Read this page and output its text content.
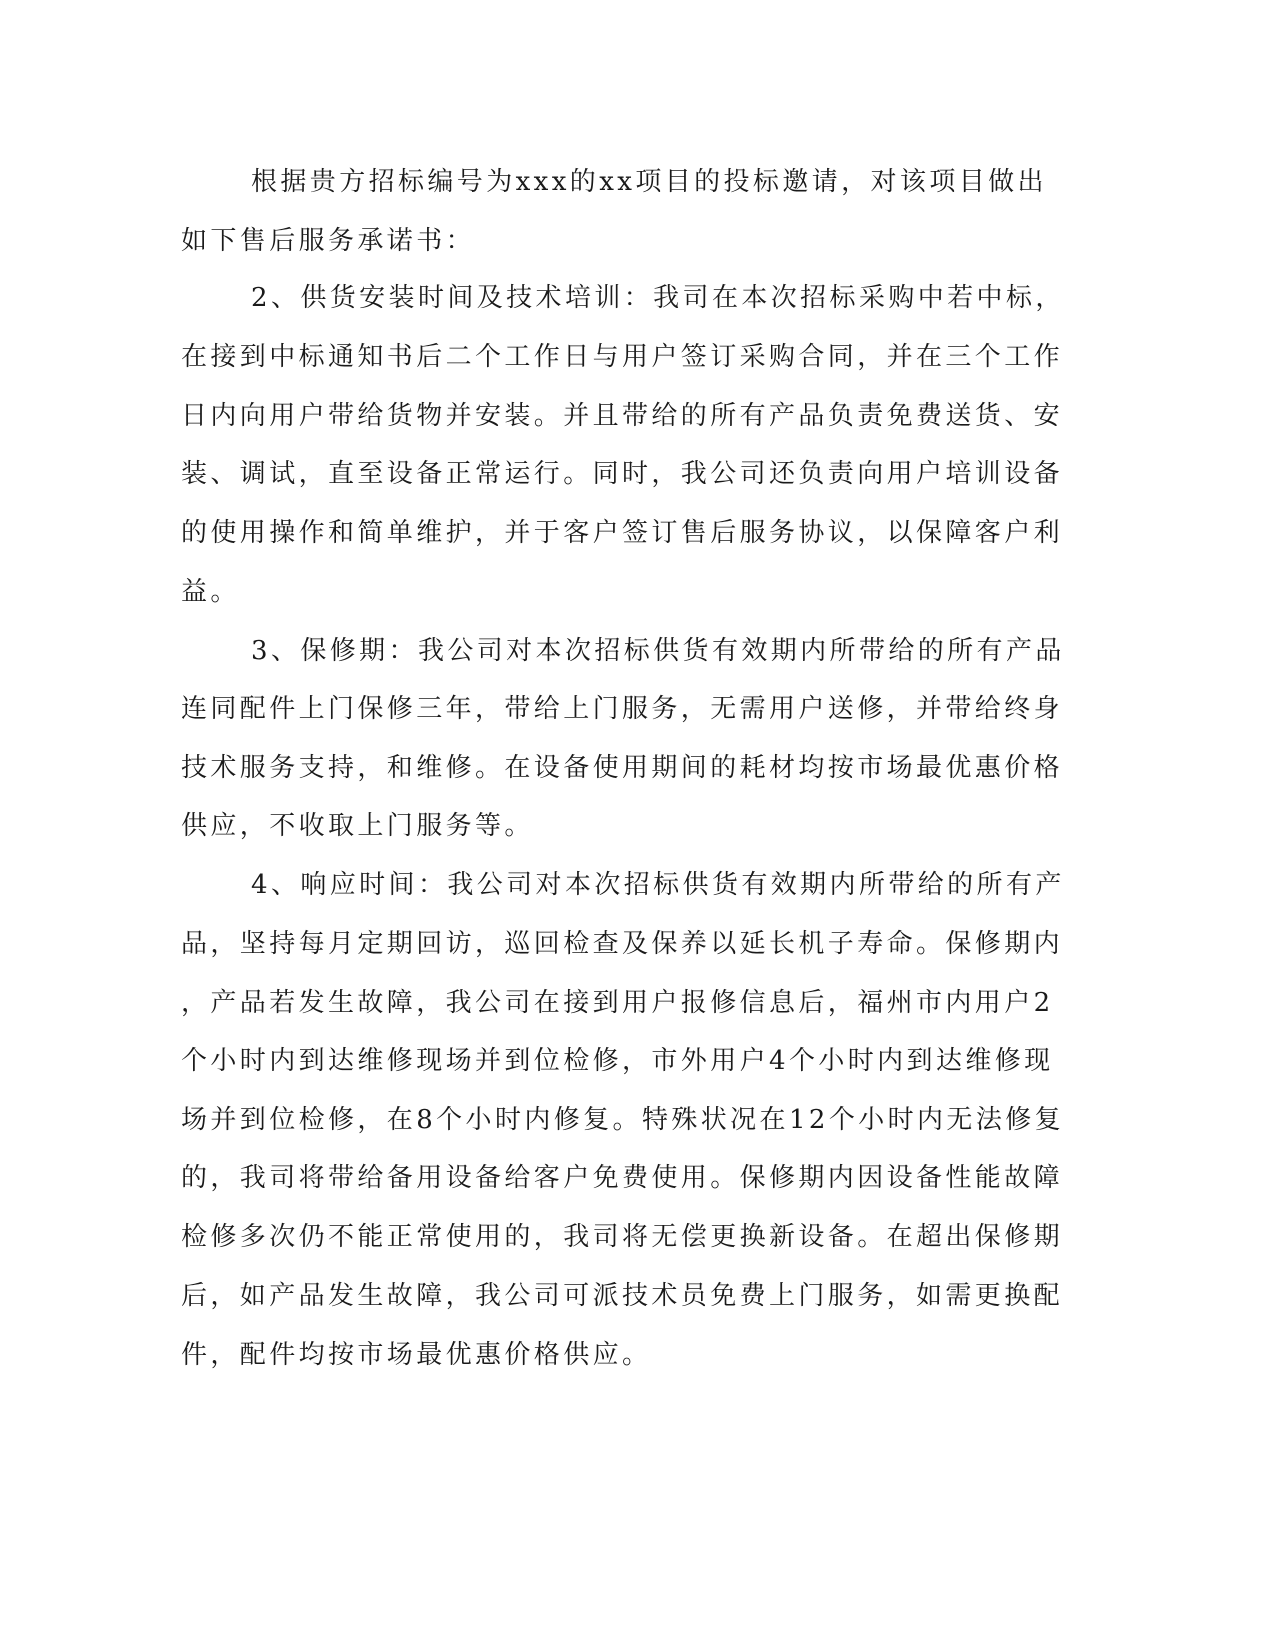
根据贵方招标编号为xxx的xx项目的投标邀请，对该项目做出
如下售后服务承诺书：
2、供货安装时间及技术培训：我司在本次招标采购中若中标，
在接到中标通知书后二个工作日与用户签订采购合同，并在三个工作
日内向用户带给货物并安装。并且带给的所有产品负责免费送货、安
装、调试，直至设备正常运行。同时，我公司还负责向用户培训设备
的使用操作和简单维护，并于客户签订售后服务协议，以保障客户利
益。
3、保修期：我公司对本次招标供货有效期内所带给的所有产品
连同配件上门保修三年，带给上门服务，无需用户送修，并带给终身
技术服务支持，和维修。在设备使用期间的耗材均按市场最优惠价格
供应，不收取上门服务等。
4、响应时间：我公司对本次招标供货有效期内所带给的所有产
品，坚持每月定期回访，巡回检查及保养以延长机子寿命。保修期内
，产品若发生故障，我公司在接到用户报修信息后，福州市内用户2
个小时内到达维修现场并到位检修，市外用户4个小时内到达维修现
场并到位检修，在8个小时内修复。特殊状况在12个小时内无法修复
的，我司将带给备用设备给客户免费使用。保修期内因设备性能故障
检修多次仍不能正常使用的，我司将无偿更换新设备。在超出保修期
后，如产品发生故障，我公司可派技术员免费上门服务，如需更换配
件，配件均按市场最优惠价格供应。
